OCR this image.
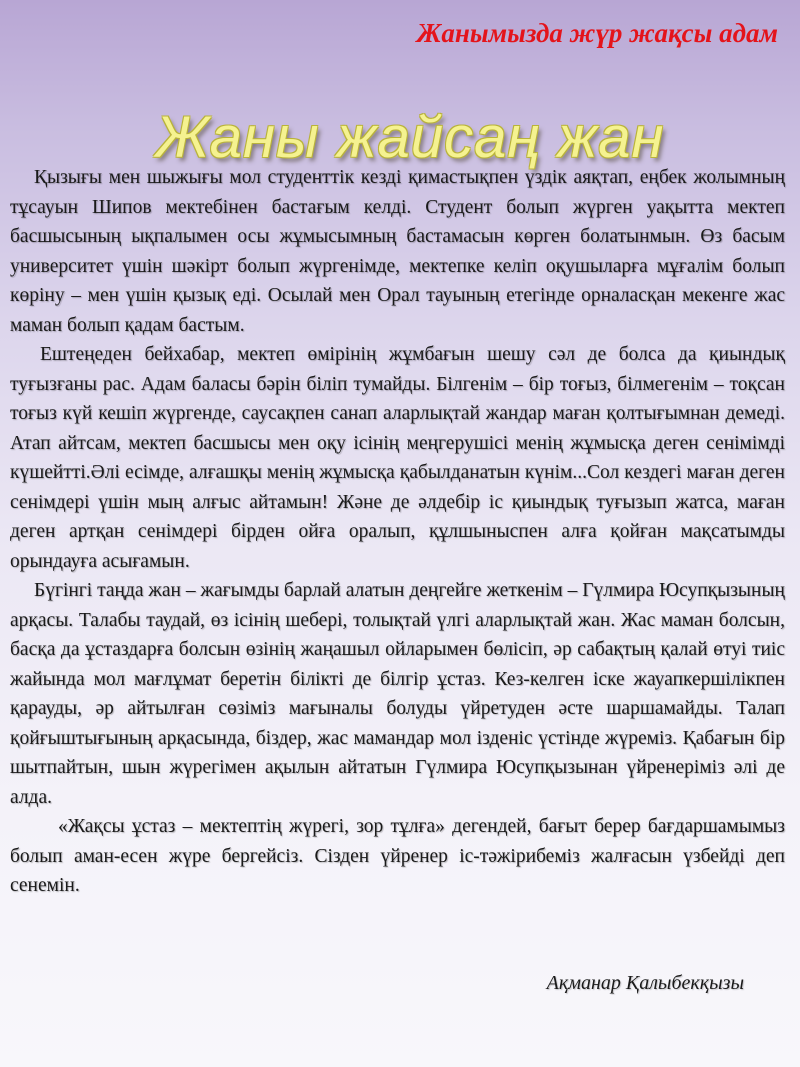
Жанымызда жүр жақсы адам
Жаны жайсаң жан

Қызығы мен шыжығы мол студенттік кезді қимастықпен үздік аяқтап, еңбек жолымның тұсауын Шипов мектебінен бастағым келді. Студент болып жүрген уақытта мектеп басшысының ықпалымен осы жұмысымның бастамасын көрген болатынмын. Өз басым университет үшін шәкірт болып жүргенімде, мектепке келіп оқушыларға мұғалім болып көріну – мен үшін қызық еді. Осылай мен Орал тауының етегінде орналасқан мекенге жас маман болып қадам бастым.

Ештеңеден бейхабар, мектеп өмірінің жұмбағын шешу сәл де болса да қиындық туғызғаны рас. Адам баласы бәрін біліп тумайды. Білгенім – бір тоғыз, білмегенім – тоқсан тоғыз күй кешіп жүргенде, саусақпен санап аларлықтай жандар маған қолтығымнан демеді. Атап айтсам, мектеп басшысы мен оқу ісінің меңгерушісі менің жұмысқа деген сенімімді күшейтті.Әлі есімде, алғашқы менің жұмысқа қабылданатын күнім...Сол кездегі маған деген сенімдері үшін мың алғыс айтамын! Және де әлдебір іс қиындық туғызып жатса, маған деген артқан сенімдері бірден ойға оралып, құлшыныспен алға қойған мақсатымды орындауға асығамын.

Бүгінгі таңда жан – жағымды барлай алатын деңгейге жеткенім – Гүлмира Юсупқызының арқасы. Талабы таудай, өз ісінің шебері, толықтай үлгі аларлықтай жан. Жас маман болсын, басқа да ұстаздарға болсын өзінің жаңашыл ойларымен бөлісіп, әр сабақтың қалай өтуі тиіс жайында мол мағлұмат беретін білікті де білгір ұстаз. Кез-келген іске жауапкершілікпен қарауды, әр айтылған сөзіміз мағыналы болуды үйретуден әсте шаршамайды. Талап қойғыштығының арқасында, біздер, жас мамандар мол ізденіс үстінде жүреміз. Қабағын бір шытпайтын, шын жүрегімен ақылын айтатын Гүлмира Юсупқызынан үйренеріміз әлі де алда.

«Жақсы ұстаз – мектептің жүрегі, зор тұлға» дегендей, бағыт берер бағдаршамымыз болып аман-есен жүре бергейсіз. Сізден үйренер іс-тәжірибеміз жалғасын үзбейді деп сенемін.

Ақманар Қалыбекқызы
